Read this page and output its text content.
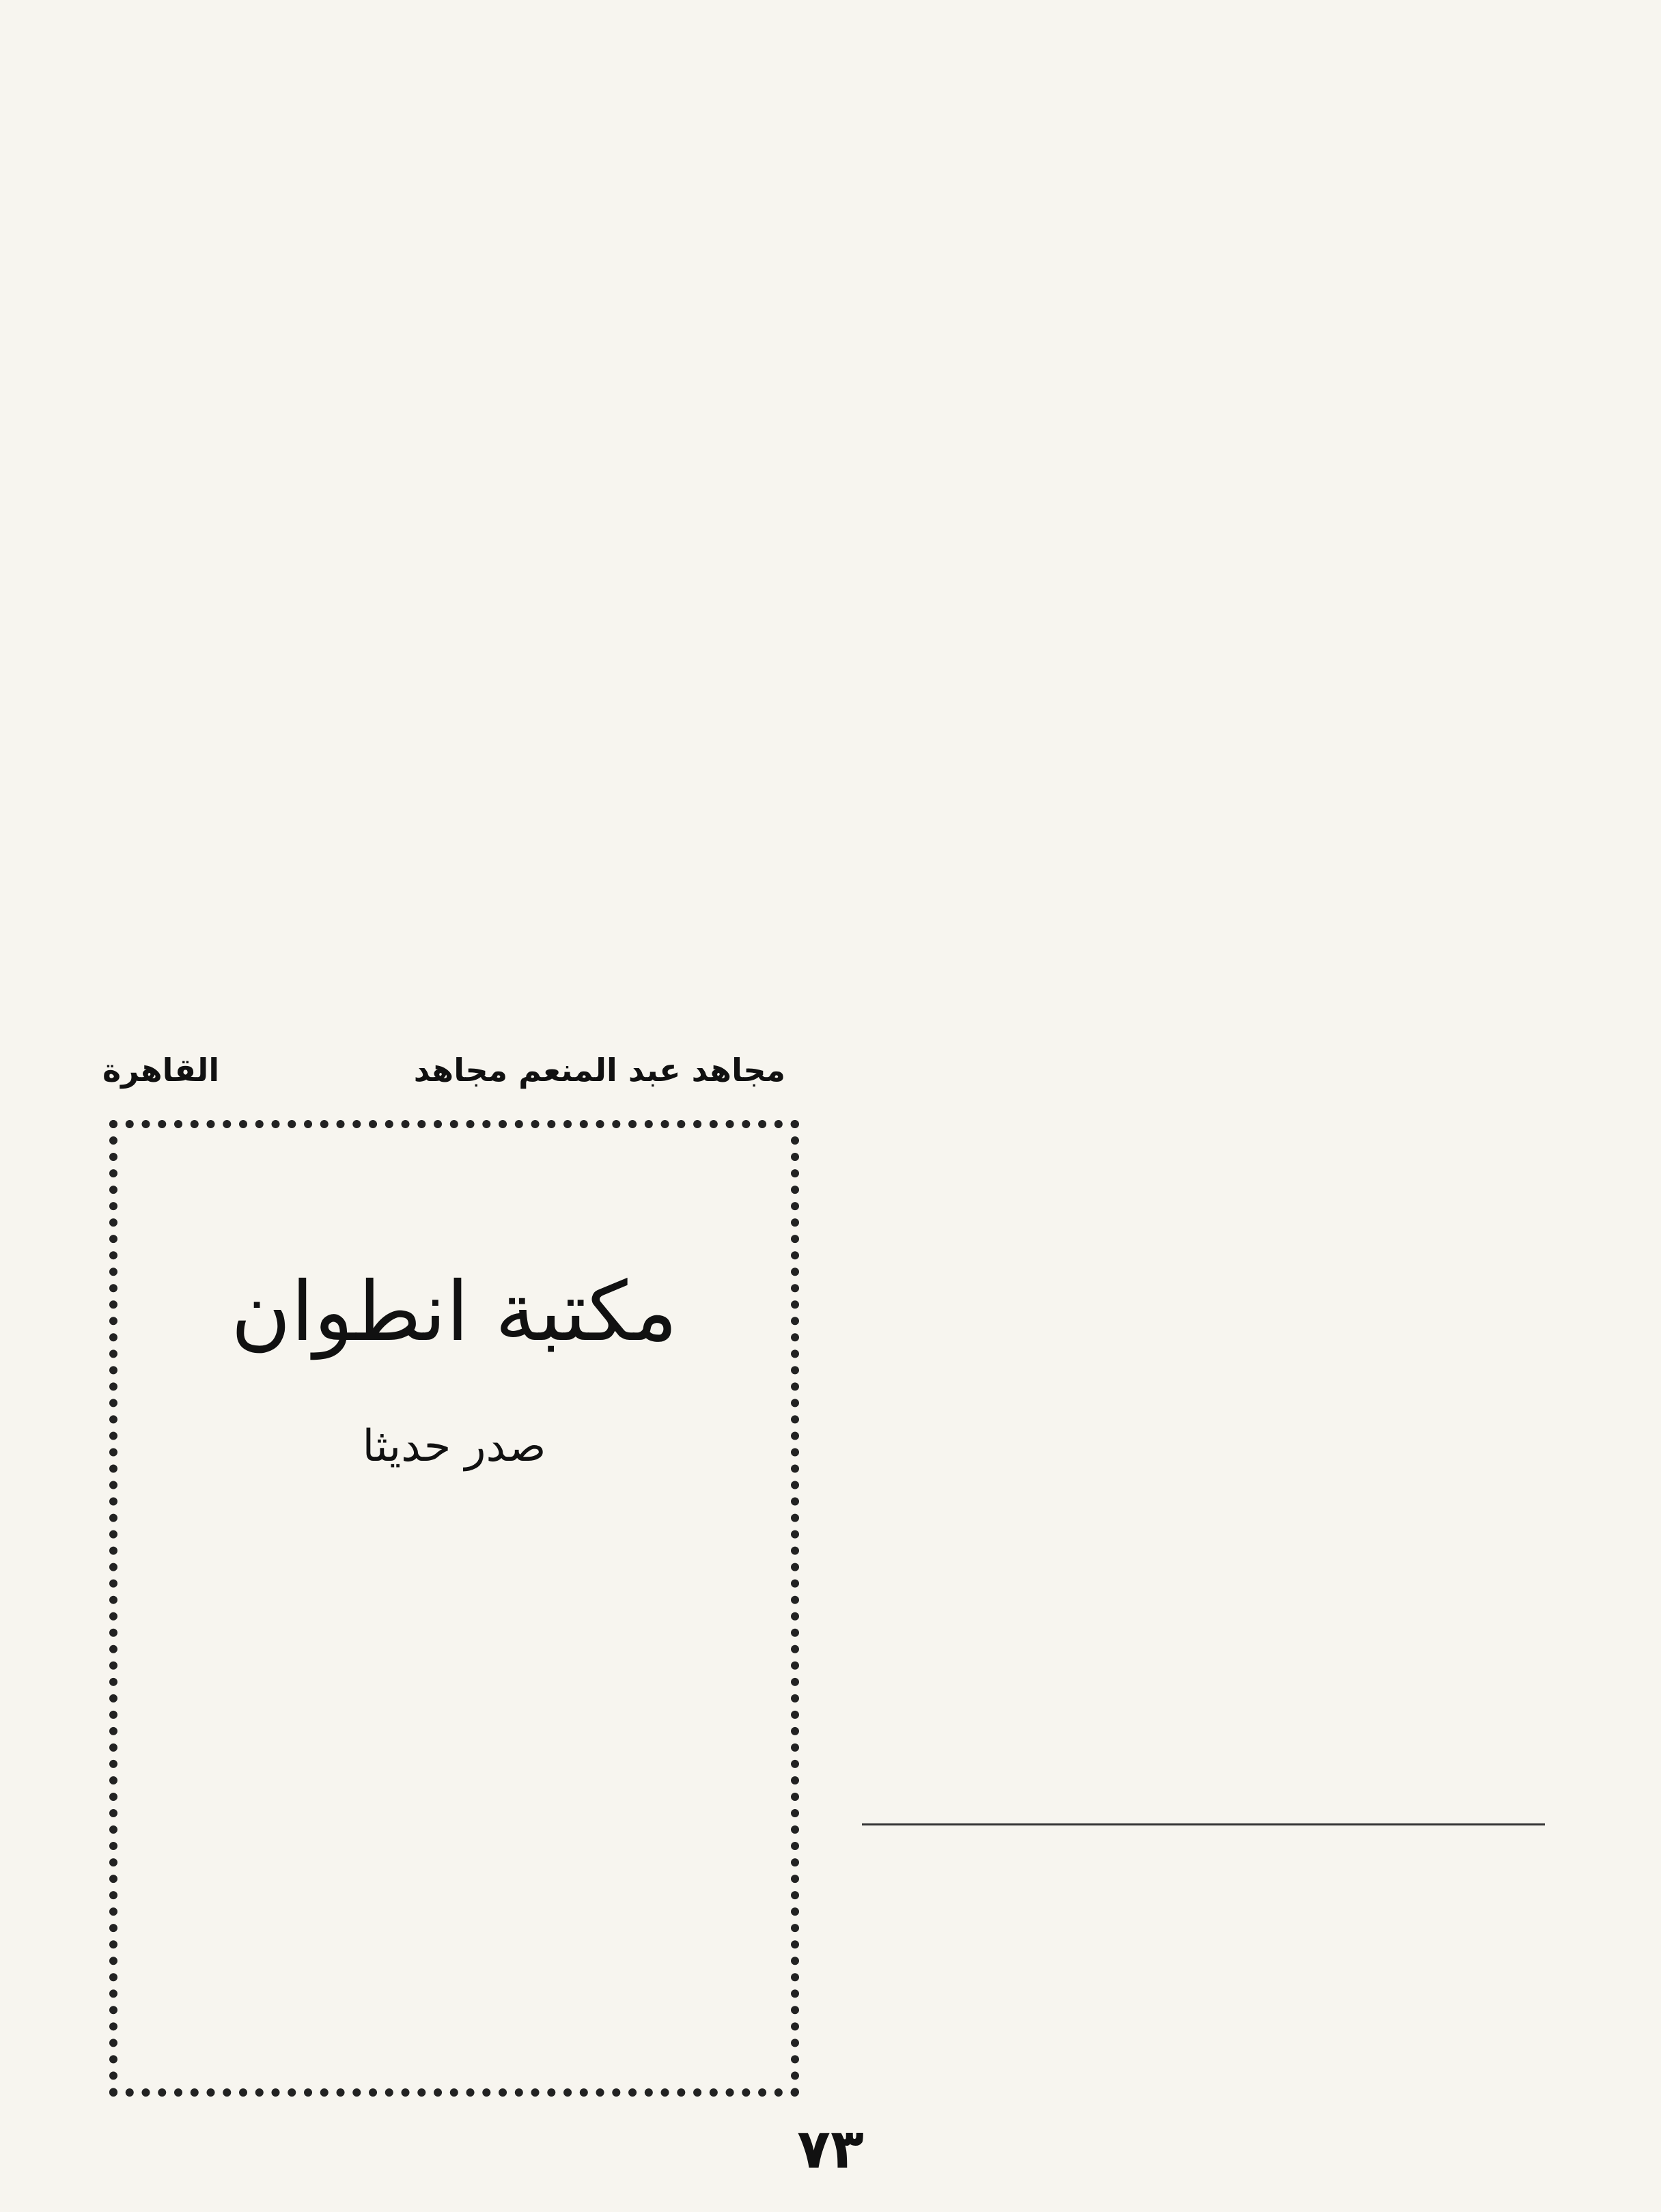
مجاهد عبد المنعم مجاهد
القاهرة
مكتبة انطوان
صدر حديثا
٧٣
